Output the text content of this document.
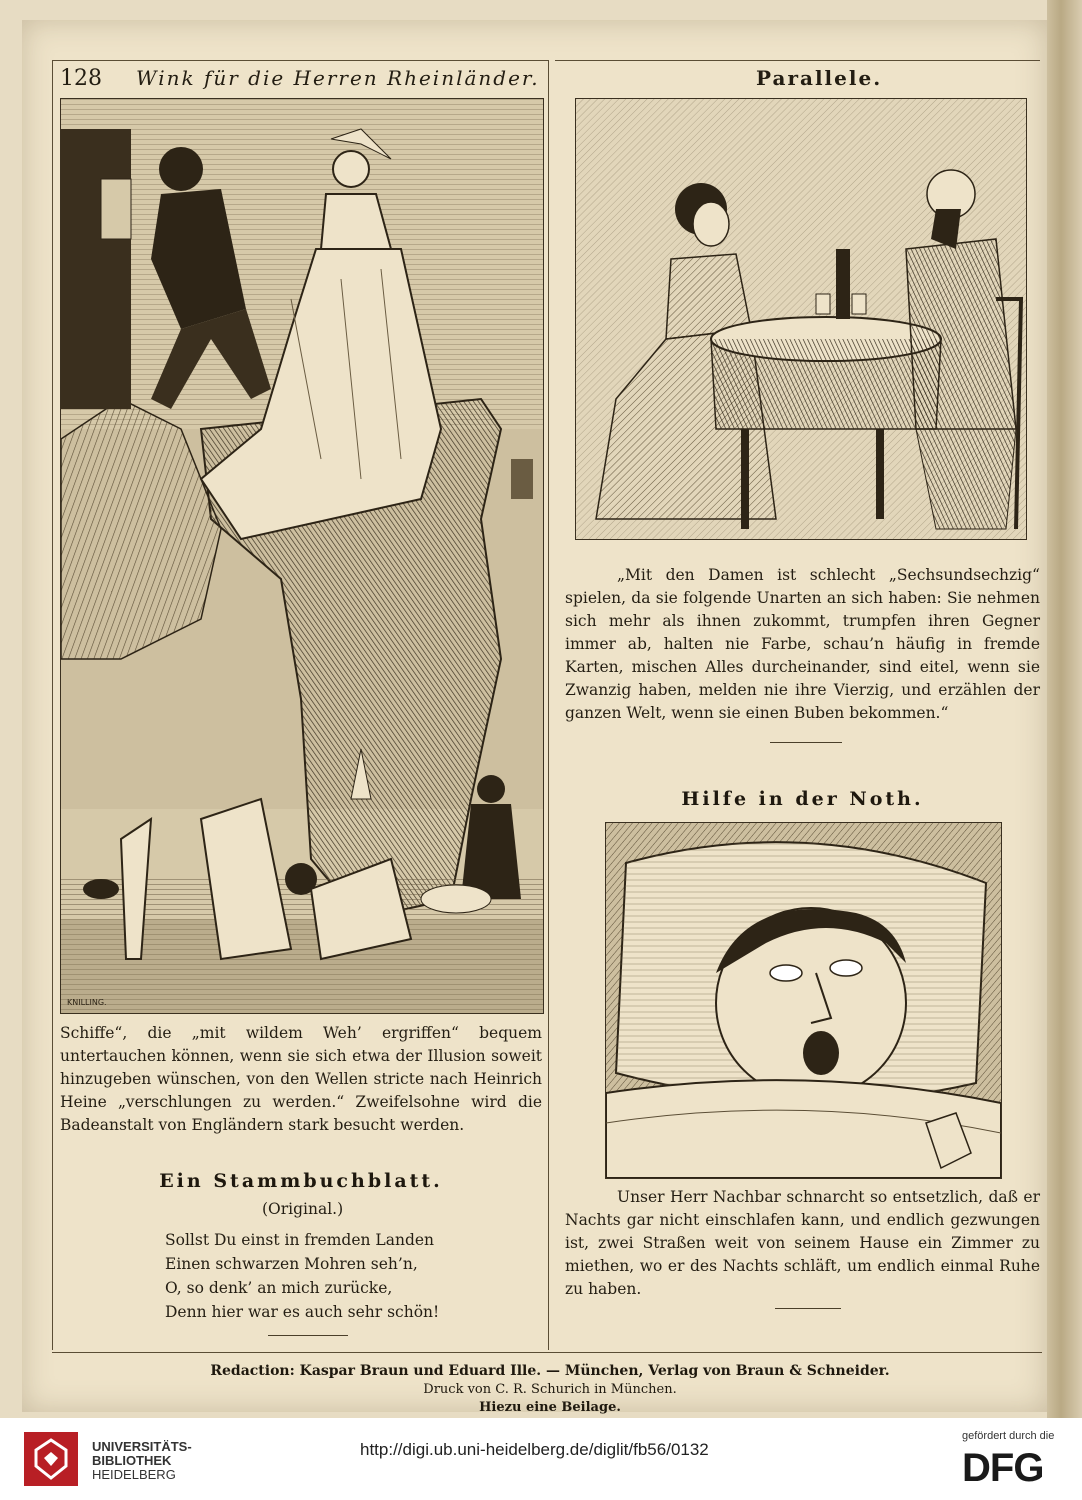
128 Wink für die Herren Rheinländer.	Parallele.
KNILLING.
Schiffe“, die „mit wildem Weh’ ergriffen“ bequem untertauchen können, wenn sie sich etwa der Illusion soweit hinzugeben wünschen, von den Wellen stricte nach Heinrich Heine „verschlungen zu werden.“ Zweifelsohne wird die Badeanstalt von Engländern stark besucht werden.
Ein Stammbuchblatt.
(Original.)
Sollst Du einst in fremden Landen
Einen schwarzen Mohren seh’n,
O, so denk’ an mich zurücke,
Denn hier war es auch sehr schön!
„Mit den Damen ist schlecht „Sechsundsechzig“ spielen, da sie folgende Unarten an sich haben: Sie nehmen sich mehr als ihnen zukommt, trumpfen ihren Gegner immer ab, halten nie Farbe, schau’n häufig in fremde Karten, mischen Alles durcheinander, sind eitel, wenn sie Zwanzig haben, melden nie ihre Vierzig, und erzählen der ganzen Welt, wenn sie einen Buben bekommen.“
Hilfe in der Noth.
Unser Herr Nachbar schnarcht so entsetzlich, daß er Nachts gar nicht einschlafen kann, und endlich gezwungen ist, zwei Straßen weit von seinem Hause ein Zimmer zu miethen, wo er des Nachts schläft, um endlich einmal Ruhe zu haben.
Redaction: Kaspar Braun und Eduard Ille. — München, Verlag von Braun & Schneider.
Druck von C. R. Schurich in München.
Hiezu eine Beilage.
UNIVERSITÄTS-
BIBLIOTHEK
HEIDELBERG
http://digi.ub.uni-heidelberg.de/diglit/fb56/0132
gefördert durch die
DFG
